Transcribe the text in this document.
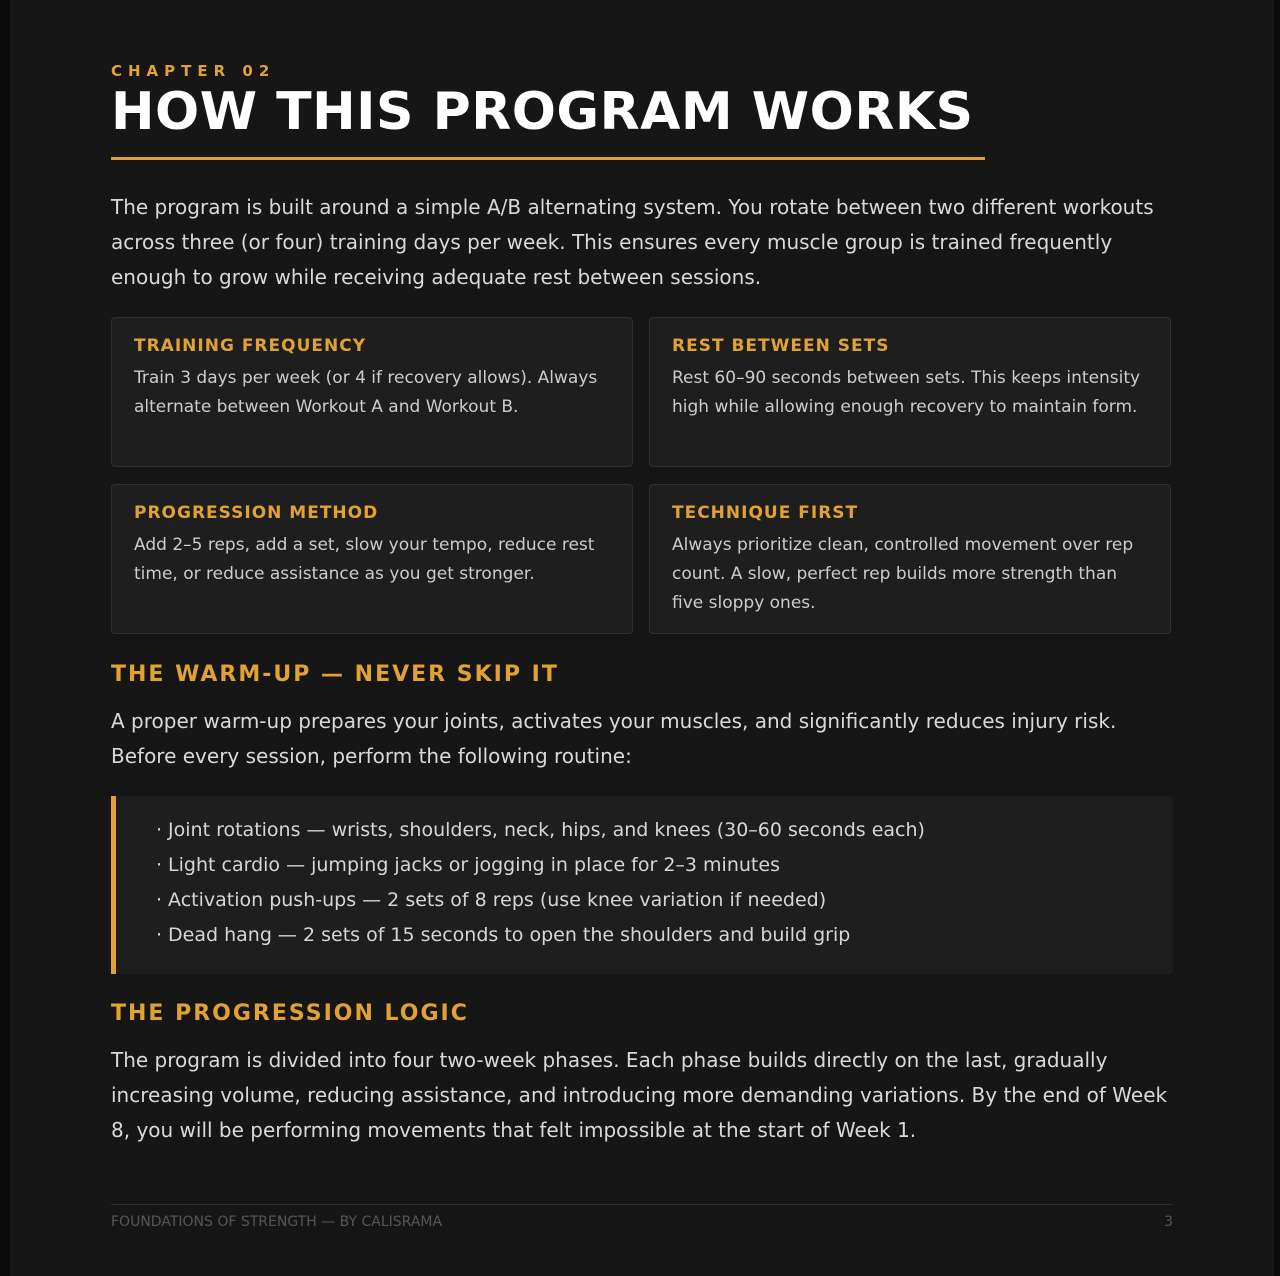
CHAPTER 02
HOW THIS PROGRAM WORKS

The program is built around a simple A/B alternating system. You rotate between two different workouts across three (or four) training days per week. This ensures every muscle group is trained frequently enough to grow while receiving adequate rest between sessions.

TRAINING FREQUENCY
Train 3 days per week (or 4 if recovery allows). Always alternate between Workout A and Workout B.
REST BETWEEN SETS
Rest 60–90 seconds between sets. This keeps intensity high while allowing enough recovery to maintain form.
PROGRESSION METHOD
Add 2–5 reps, add a set, slow your tempo, reduce rest time, or reduce assistance as you get stronger.
TECHNIQUE FIRST
Always prioritize clean, controlled movement over rep count. A slow, perfect rep builds more strength than five sloppy ones.
THE WARM-UP — NEVER SKIP IT

A proper warm-up prepares your joints, activates your muscles, and significantly reduces injury risk. Before every session, perform the following routine:

· Joint rotations — wrists, shoulders, neck, hips, and knees (30–60 seconds each)
· Light cardio — jumping jacks or jogging in place for 2–3 minutes
· Activation push-ups — 2 sets of 8 reps (use knee variation if needed)
· Dead hang — 2 sets of 15 seconds to open the shoulders and build grip
THE PROGRESSION LOGIC

The program is divided into four two-week phases. Each phase builds directly on the last, gradually increasing volume, reducing assistance, and introducing more demanding variations. By the end of Week 8, you will be performing movements that felt impossible at the start of Week 1.

FOUNDATIONS OF STRENGTH — BY CALISRAMA	3
